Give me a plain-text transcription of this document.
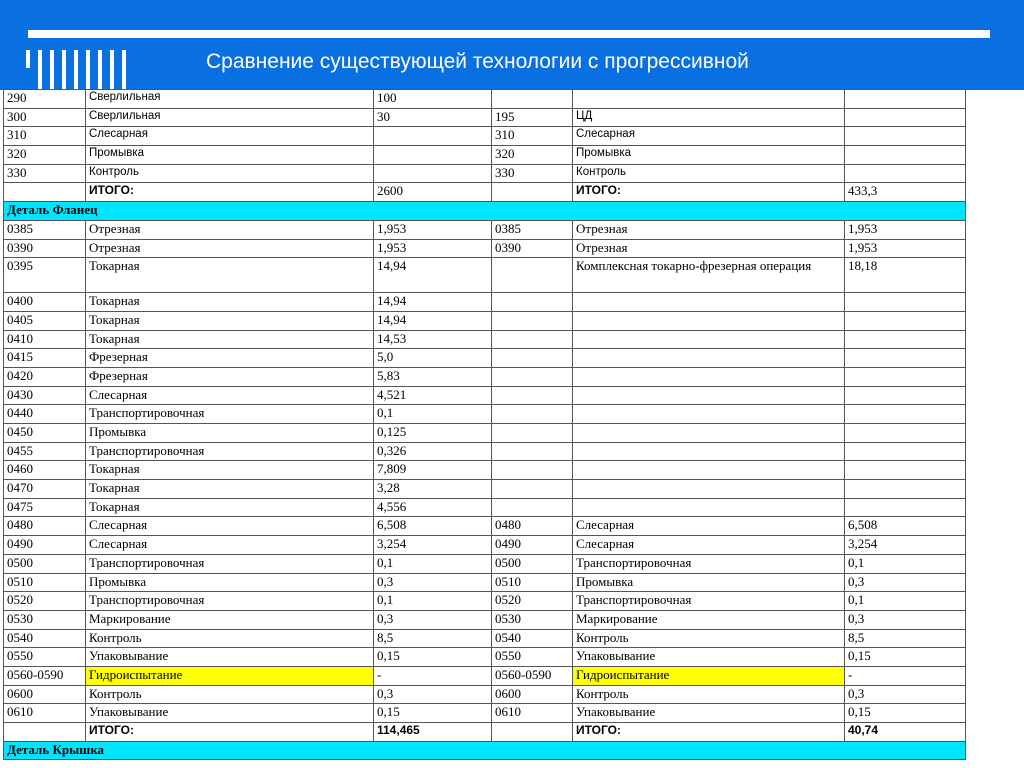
Сравнение существующей технологии с прогрессивной
290	Сверлильная	100			
300	Сверлильная	30	195	ЦД	
310	Слесарная		310	Слесарная	
320	Промывка		320	Промывка	
330	Контроль		330	Контроль	
	ИТОГО:	2600		ИТОГО:	433,3
Деталь Фланец					
0385	Отрезная	1,953	0385	Отрезная	1,953
0390	Отрезная	1,953	0390	Отрезная	1,953
0395	Токарная	14,94		Комплексная токарно-фрезерная операция	18,18
0400	Токарная	14,94			
0405	Токарная	14,94			
0410	Токарная	14,53			
0415	Фрезерная	5,0			
0420	Фрезерная	5,83			
0430	Слесарная	4,521			
0440	Транспортировочная	0,1			
0450	Промывка	0,125			
0455	Транспортировочная	0,326			
0460	Токарная	7,809			
0470	Токарная	3,28			
0475	Токарная	4,556			
0480	Слесарная	6,508	0480	Слесарная	6,508
0490	Слесарная	3,254	0490	Слесарная	3,254
0500	Транспортировочная	0,1	0500	Транспортировочная	0,1
0510	Промывка	0,3	0510	Промывка	0,3
0520	Транспортировочная	0,1	0520	Транспортировочная	0,1
0530	Маркирование	0,3	0530	Маркирование	0,3
0540	Контроль	8,5	0540	Контроль	8,5
0550	Упаковывание	0,15	0550	Упаковывание	0,15
0560-0590	Гидроиспытание	-	0560-0590	Гидроиспытание	-
0600	Контроль	0,3	0600	Контроль	0,3
0610	Упаковывание	0,15	0610	Упаковывание	0,15
	ИТОГО:	114,465		ИТОГО:	40,74
Деталь Крышка					
